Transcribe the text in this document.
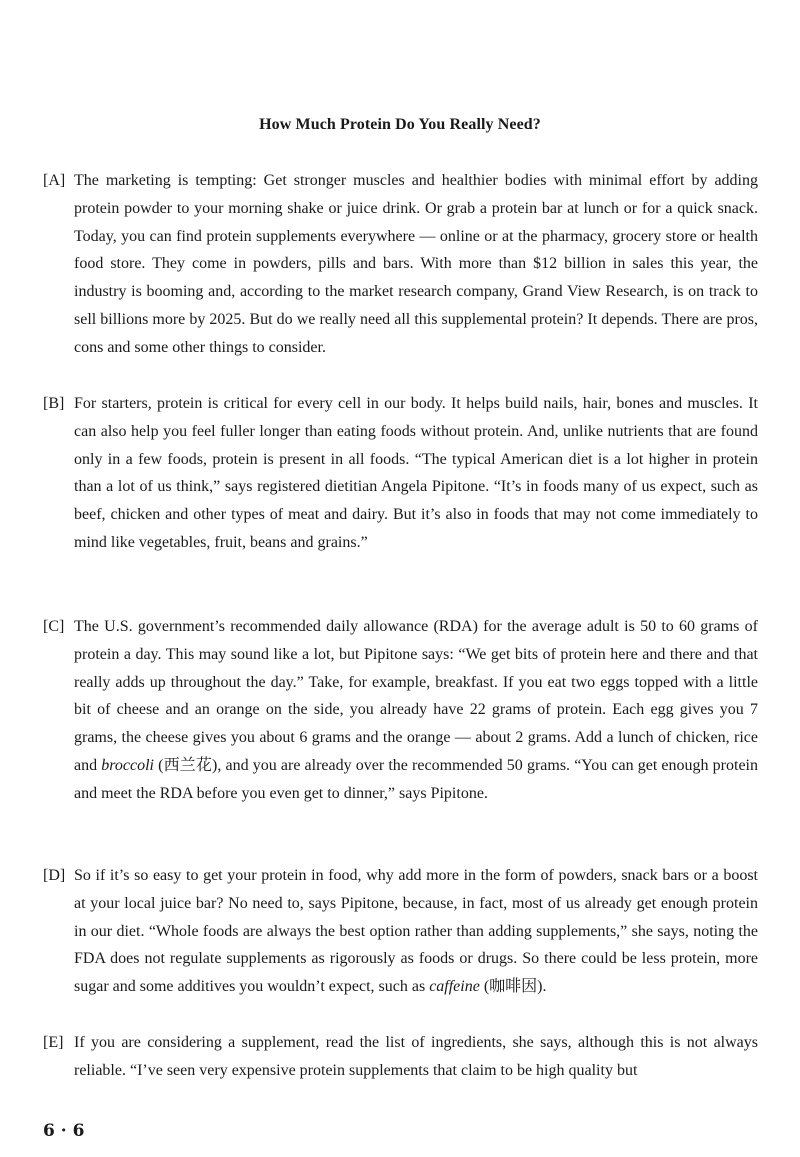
How Much Protein Do You Really Need?
[A] The marketing is tempting: Get stronger muscles and healthier bodies with minimal effort by adding protein powder to your morning shake or juice drink. Or grab a protein bar at lunch or for a quick snack. Today, you can find protein supplements everywhere — online or at the pharmacy, grocery store or health food store. They come in powders, pills and bars. With more than $12 billion in sales this year, the industry is booming and, according to the market research company, Grand View Research, is on track to sell billions more by 2025. But do we really need all this supplemental protein? It depends. There are pros, cons and some other things to consider.
[B] For starters, protein is critical for every cell in our body. It helps build nails, hair, bones and muscles. It can also help you feel fuller longer than eating foods without protein. And, unlike nutrients that are found only in a few foods, protein is present in all foods. “The typical American diet is a lot higher in protein than a lot of us think,” says registered dietitian Angela Pipitone. “It’s in foods many of us expect, such as beef, chicken and other types of meat and dairy. But it’s also in foods that may not come immediately to mind like vegetables, fruit, beans and grains.”
[C] The U.S. government’s recommended daily allowance (RDA) for the average adult is 50 to 60 grams of protein a day. This may sound like a lot, but Pipitone says: “We get bits of protein here and there and that really adds up throughout the day.” Take, for example, breakfast. If you eat two eggs topped with a little bit of cheese and an orange on the side, you already have 22 grams of protein. Each egg gives you 7 grams, the cheese gives you about 6 grams and the orange — about 2 grams. Add a lunch of chicken, rice and broccoli (西兰花), and you are already over the recommended 50 grams. “You can get enough protein and meet the RDA before you even get to dinner,” says Pipitone.
[D] So if it’s so easy to get your protein in food, why add more in the form of powders, snack bars or a boost at your local juice bar? No need to, says Pipitone, because, in fact, most of us already get enough protein in our diet. “Whole foods are always the best option rather than adding supplements,” she says, noting the FDA does not regulate supplements as rigorously as foods or drugs. So there could be less protein, more sugar and some additives you wouldn’t expect, such as caffeine (咖啡因).
[E] If you are considering a supplement, read the list of ingredients, she says, although this is not always reliable. “I’ve seen very expensive protein supplements that claim to be high quality but
6 · 6
